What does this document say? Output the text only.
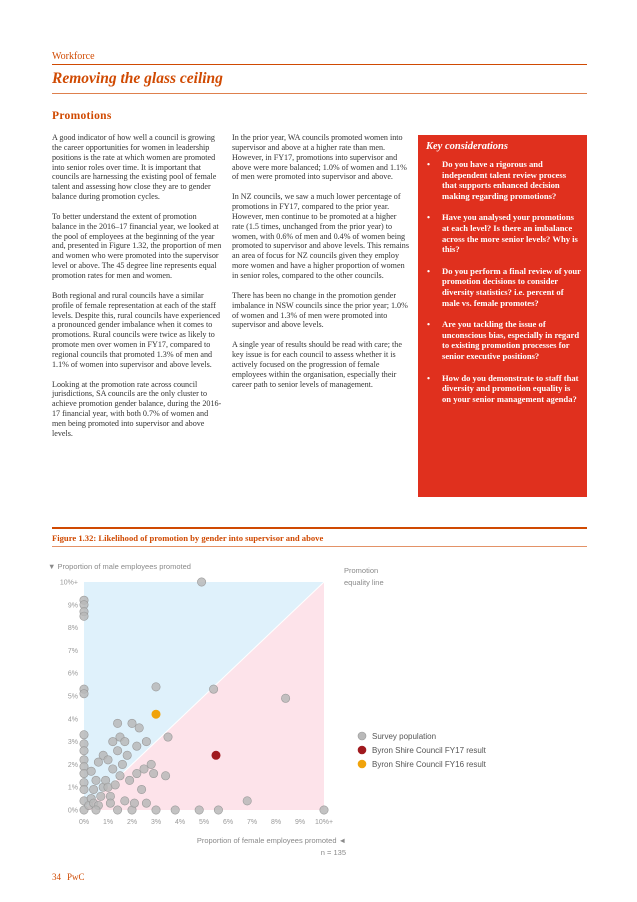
Workforce
Removing the glass ceiling
Promotions

A good indicator of how well a council is growing the career opportunities for women in leadership positions is the rate at which women are promoted into senior roles over time. It is important that councils are harnessing the existing pool of female talent and assessing how close they are to gender balance during promotion cycles.

To better understand the extent of promotion balance in the 2016–17 financial year, we looked at the pool of employees at the beginning of the year and, presented in Figure 1.32, the proportion of men and women who were promoted into the supervisor level or above. The 45 degree line represents equal promotion rates for men and women.

Both regional and rural councils have a similar profile of female representation at each of the staff levels. Despite this, rural councils have experienced a pronounced gender imbalance when it comes to promotions. Rural councils were twice as likely to promote men over women in FY17, compared to regional councils that promoted 1.3% of men and 1.1% of women into supervisor and above levels.

Looking at the promotion rate across council jurisdictions, SA councils are the only cluster to achieve promotion gender balance, during the 2016-17 financial year, with both 0.7% of women and men being promoted into supervisor and above levels.

In the prior year, WA councils promoted women into supervisor and above at a higher rate than men. However, in FY17, promotions into supervisor and above were more balanced; 1.0% of women and 1.1% of men were promoted into supervisor and above.

In NZ councils, we saw a much lower percentage of promotions in FY17, compared to the prior year. However, men continue to be promoted at a higher rate (1.5 times, unchanged from the prior year) to women, with 0.6% of men and 0.4% of women being promoted to supervisor and above levels. This remains an area of focus for NZ councils given they employ more women and have a higher proportion of women in senior roles, compared to the other councils.

There has been no change in the promotion gender imbalance in NSW councils since the prior year; 1.0% of women and 1.3% of men were promoted into supervisor and above levels.

A single year of results should be read with care; the key issue is for each council to assess whether it is actively focused on the progression of female employees within the organisation, especially their career path to senior levels of management.

Key considerations
• Do you have a rigorous and independent talent review process that supports enhanced decision making regarding promotions?
• Have you analysed your promotions at each level? Is there an imbalance across the more senior levels? Why is this?
• Do you perform a final review of your promotion decisions to consider diversity statistics? i.e. percent of male vs. female promotes?
• Are you tackling the issue of unconscious bias, especially in regard to existing promotion processes for senior executive positions?
• How do you demonstrate to staff that diversity and promotion equality is on your senior management agenda?
Figure 1.32: Likelihood of promotion by gender into supervisor and above
0%
1%
2%
3%
4%
5%
6%
7%
8%
9%
10%+
0% 1% 2% 3% 4% 5% 6% 7% 8% 9% 10%+
▼ Proportion of male employees promoted
Proportion of female employees promoted ◄
n = 135
Promotion
equality line
Survey population
Byron Shire Council FY17 result
Byron Shire Council FY16 result
34 PwC
